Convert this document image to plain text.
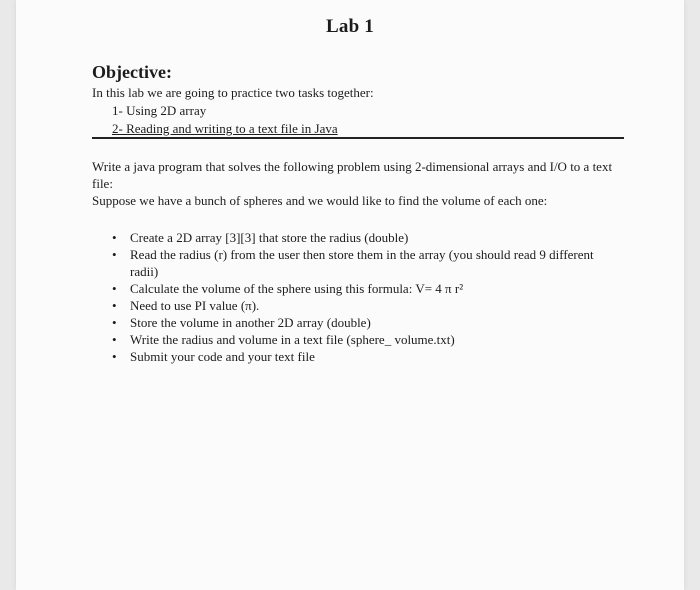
Lab 1
Objective:
In this lab we are going to practice two tasks together:
1- Using 2D array
2- Reading and writing to a text file in Java

Write a java program that solves the following problem using 2-dimensional arrays and I/O to a text file:

Suppose we have a bunch of spheres and we would like to find the volume of each one:

• Create a 2D array [3][3] that store the radius (double)
• Read the radius (r) from the user then store them in the array (you should read 9 different radii)
• Calculate the volume of the sphere using this formula: V= 4 π r²
• Need to use PI value (π).
• Store the volume in another 2D array (double)
• Write the radius and volume in a text file (sphere_ volume.txt)
• Submit your code and your text file
